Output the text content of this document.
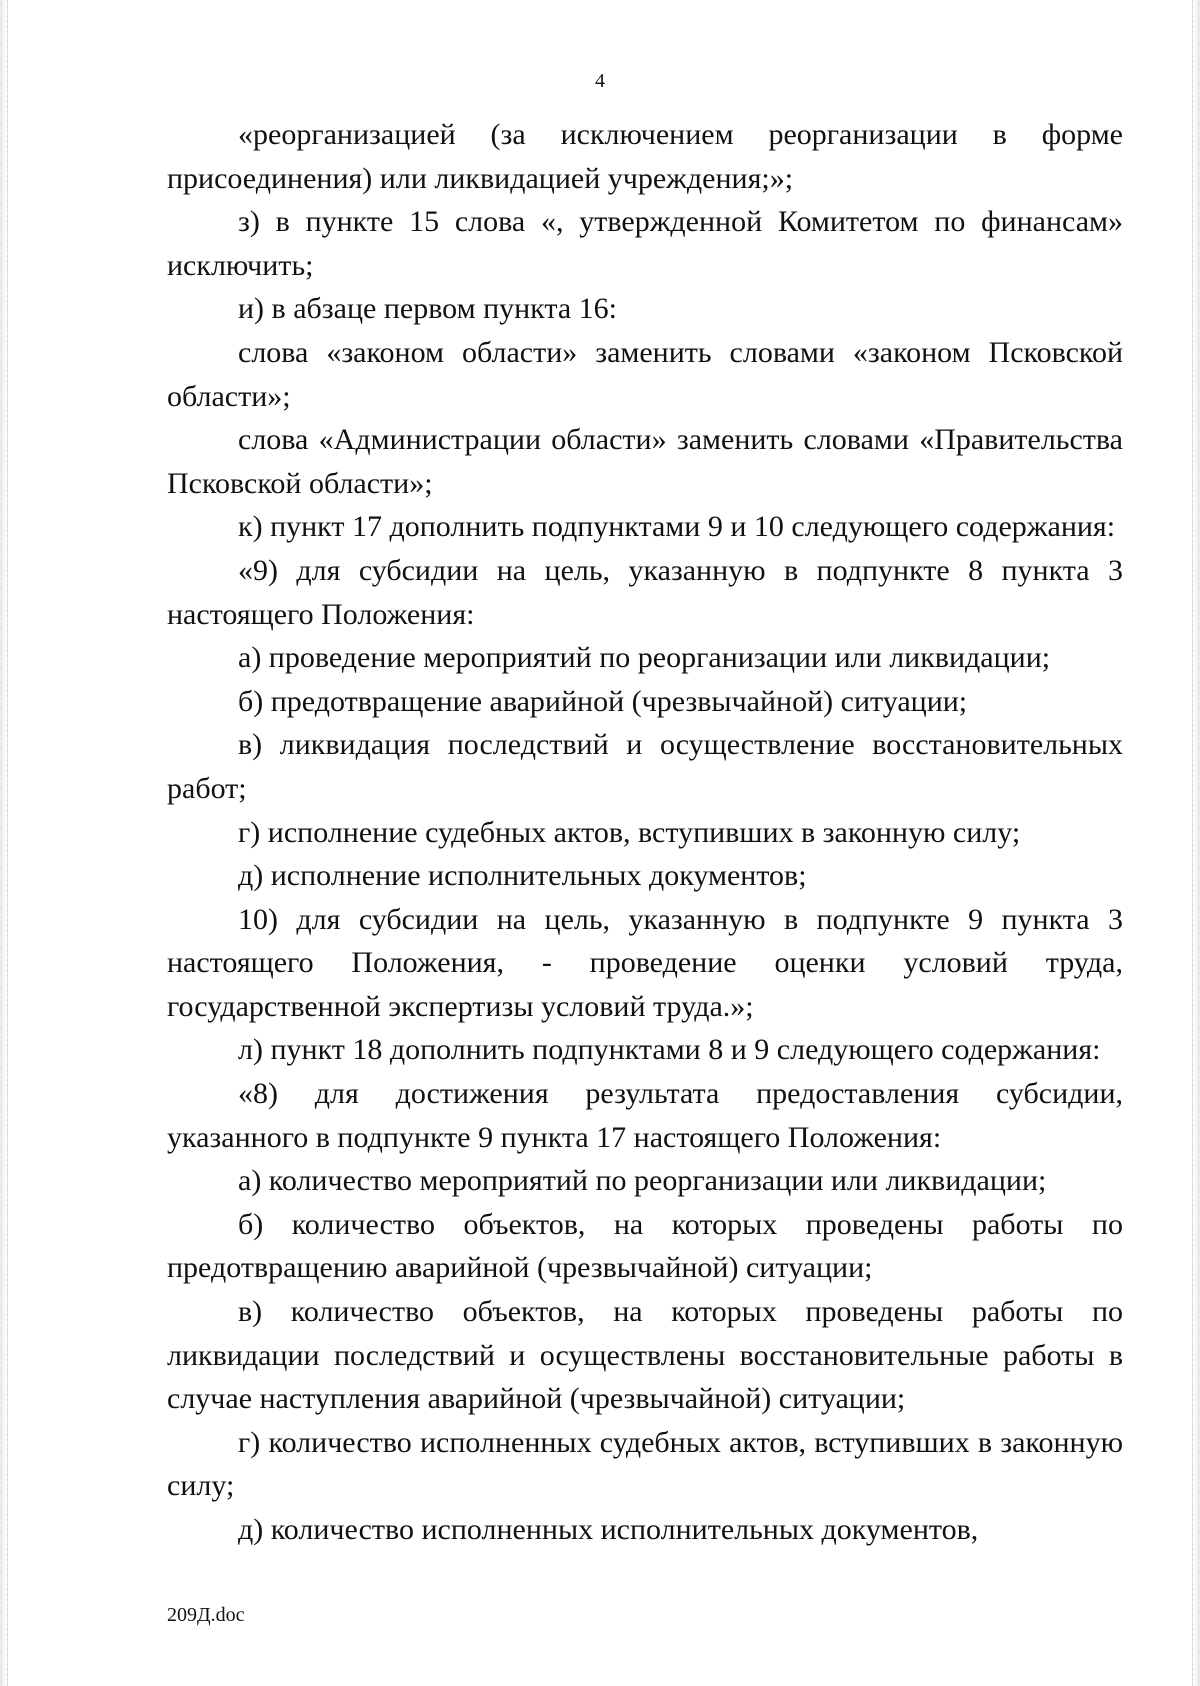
4

«реорганизацией (за исключением реорганизации в форме присоединения) или ликвидацией учреждения;»;

з) в пункте 15 слова «, утвержденной Комитетом по финансам» исключить;

и) в абзаце первом пункта 16:

слова «законом области» заменить словами «законом Псковской области»;

слова «Администрации области» заменить словами «Правительства Псковской области»;

к) пункт 17 дополнить подпунктами 9 и 10 следующего содержания:

«9) для субсидии на цель, указанную в подпункте 8 пункта 3 настоящего Положения:

а) проведение мероприятий по реорганизации или ликвидации;

б) предотвращение аварийной (чрезвычайной) ситуации;

в) ликвидация последствий и осуществление восстановительных работ;

г) исполнение судебных актов, вступивших в законную силу;

д) исполнение исполнительных документов;

10) для субсидии на цель, указанную в подпункте 9 пункта 3 настоящего Положения, - проведение оценки условий труда, государственной экспертизы условий труда.»;

л) пункт 18 дополнить подпунктами 8 и 9 следующего содержания:

«8) для достижения результата предоставления субсидии, указанного в подпункте 9 пункта 17 настоящего Положения:

а) количество мероприятий по реорганизации или ликвидации;

б) количество объектов, на которых проведены работы по предотвращению аварийной (чрезвычайной) ситуации;

в) количество объектов, на которых проведены работы по ликвидации последствий и осуществлены восстановительные работы в случае наступления аварийной (чрезвычайной) ситуации;

г) количество исполненных судебных актов, вступивших в законную силу;

д) количество исполненных исполнительных документов,

209Д.doc
